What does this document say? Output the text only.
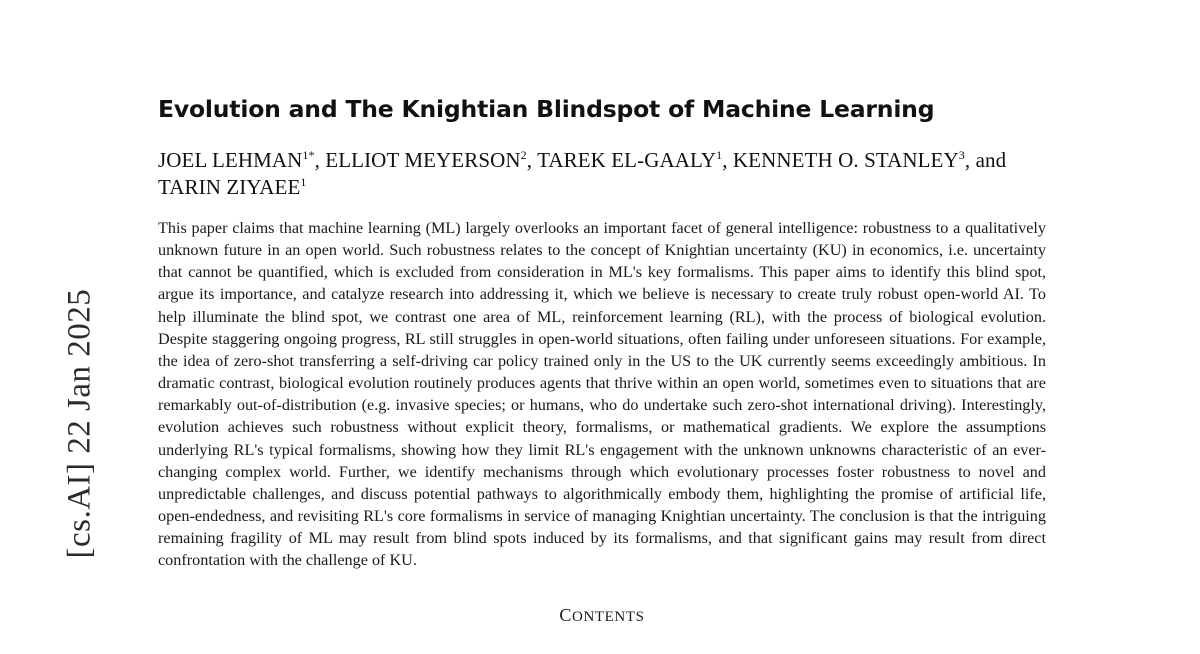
[cs.AI] 22 Jan 2025
Evolution and The Knightian Blindspot of Machine Learning
JOEL $LEHMAN^{1*}$, ELLIOT MEYERSON$^2$, TAREK EL-GAALY$^1$, KENNETH O. STANLEY$^3$, and TARIN ZIYAEE$^1$
This paper claims that machine learning (ML) largely overlooks an important facet of general intelligence: robustness to a qualitatively unknown future in an open world. Such robustness relates to the concept of Knightian uncertainty (KU) in economics, i.e. uncertainty that cannot be quantified, which is excluded from consideration in ML's key formalisms. This paper aims to identify this blind spot, argue its importance, and catalyze research into addressing it, which we believe is necessary to create truly robust open-world AI. To help illuminate the blind spot, we contrast one area of ML, reinforcement learning (RL), with the process of biological evolution. Despite staggering ongoing progress, RL still struggles in open-world situations, often failing under unforeseen situations. For example, the idea of zero-shot transferring a self-driving car policy trained only in the US to the UK currently seems exceedingly ambitious. In dramatic contrast, biological evolution routinely produces agents that thrive within an open world, sometimes even to situations that are remarkably out-of-distribution (e.g. invasive species; or humans, who do undertake such zero-shot international driving). Interestingly, evolution achieves such robustness without explicit theory, formalisms, or mathematical gradients. We explore the assumptions underlying RL's typical formalisms, showing how they limit RL's engagement with the unknown unknowns characteristic of an ever-changing complex world. Further, we identify mechanisms through which evolutionary processes foster robustness to novel and unpredictable challenges, and discuss potential pathways to algorithmically embody them, highlighting the promise of artificial life, open-endedness, and revisiting RL's core formalisms in service of managing Knightian uncertainty. The conclusion is that the intriguing remaining fragility of ML may result from blind spots induced by its formalisms, and that significant gains may result from direct confrontation with the challenge of KU.
CONTENTS
